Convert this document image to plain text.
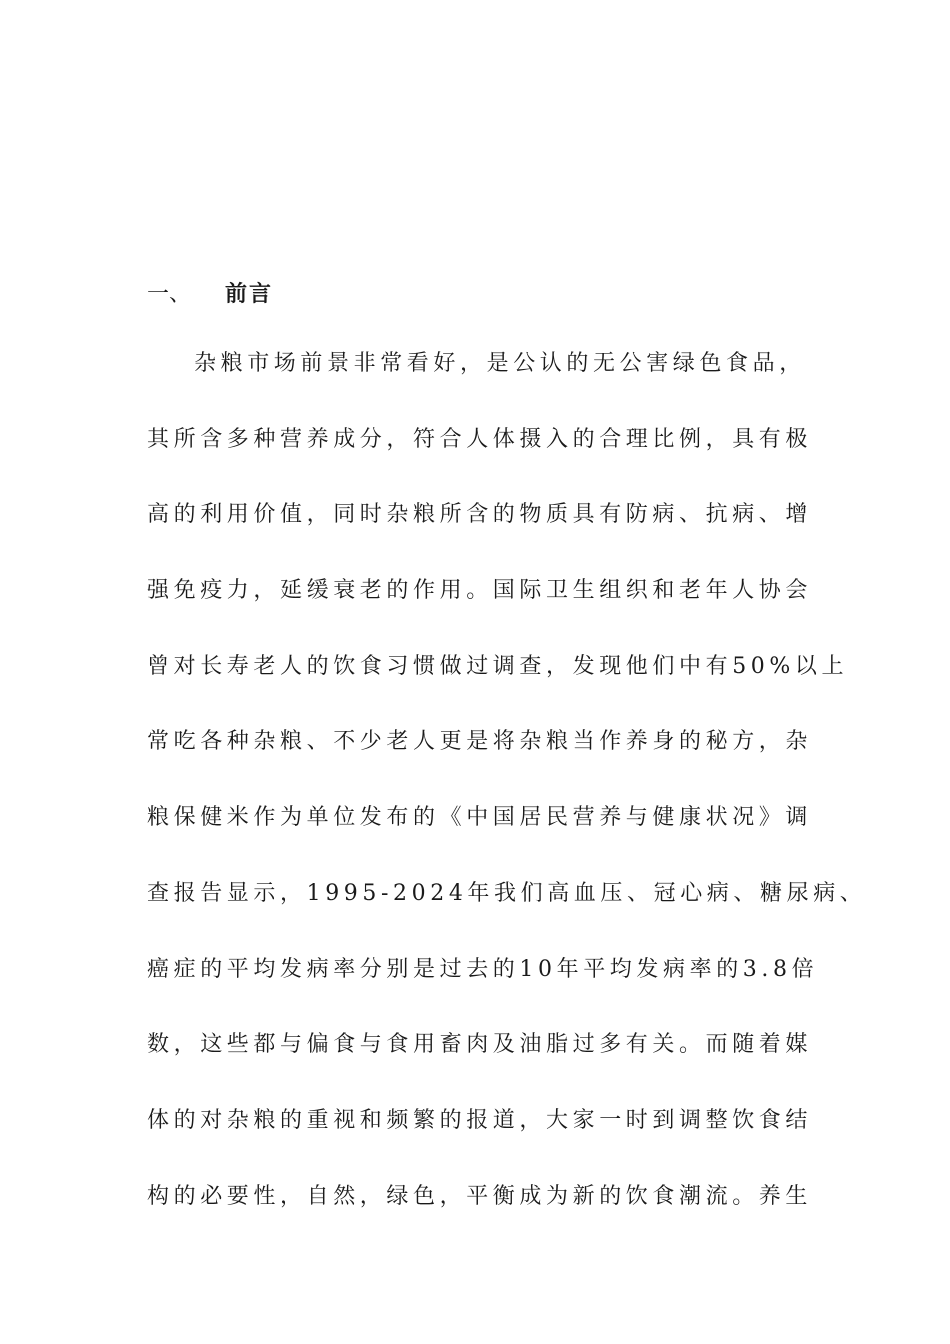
一、 前言
杂粮市场前景非常看好，是公认的无公害绿色食品，
其所含多种营养成分，符合人体摄入的合理比例，具有极
高的利用价值，同时杂粮所含的物质具有防病、抗病、增
强免疫力，延缓衰老的作用。国际卫生组织和老年人协会
曾对长寿老人的饮食习惯做过调查，发现他们中有50%以上
常吃各种杂粮、不少老人更是将杂粮当作养身的秘方，杂
粮保健米作为单位发布的《中国居民营养与健康状况》调
查报告显示，1995-2024年我们高血压、冠心病、糖尿病、
癌症的平均发病率分别是过去的10年平均发病率的3.8倍
数，这些都与偏食与食用畜肉及油脂过多有关。而随着媒
体的对杂粮的重视和频繁的报道，大家一时到调整饮食结
构的必要性，自然，绿色，平衡成为新的饮食潮流。养生
